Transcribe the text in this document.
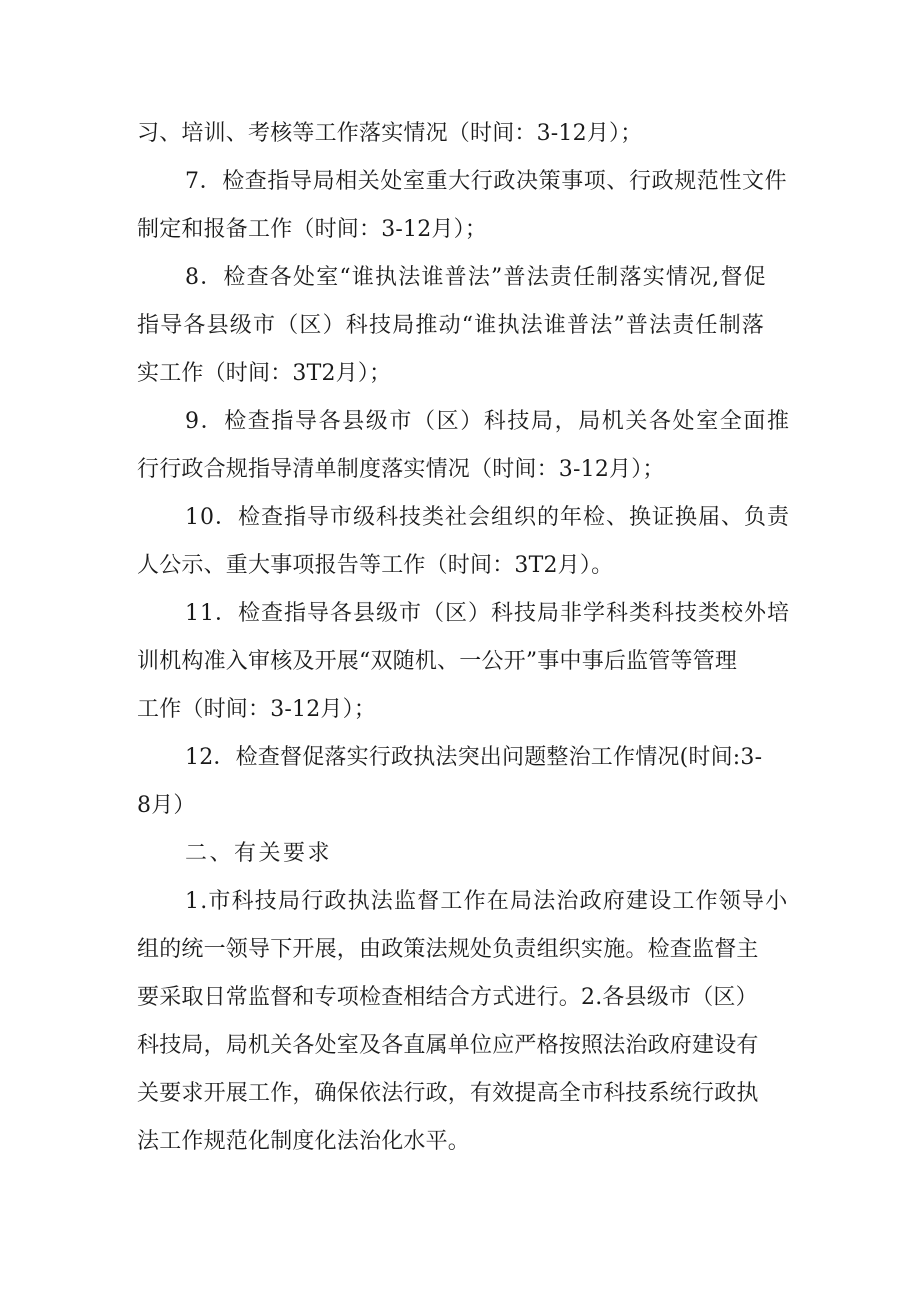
习、培训、考核等工作落实情况（时间：3-12月）；
7．检查指导局相关处室重大行政决策事项、行政规范性文件
制定和报备工作（时间：3-12月）；
8．检查各处室“谁执法谁普法”普法责任制落实情况,督促
指导各县级市（区）科技局推动“谁执法谁普法”普法责任制落
实工作（时间：3T2月）；
9．检查指导各县级市（区）科技局，局机关各处室全面推
行行政合规指导清单制度落实情况（时间：3-12月）；
10．检查指导市级科技类社会组织的年检、换证换届、负责
人公示、重大事项报告等工作（时间：3T2月）。
11．检查指导各县级市（区）科技局非学科类科技类校外培
训机构准入审核及开展“双随机、一公开”事中事后监管等管理
工作（时间：3-12月）；
12．检查督促落实行政执法突出问题整治工作情况(时间:3-
8月）
二、有关要求
1.市科技局行政执法监督工作在局法治政府建设工作领导小
组的统一领导下开展，由政策法规处负责组织实施。检查监督主
要采取日常监督和专项检查相结合方式进行。2.各县级市（区）
科技局，局机关各处室及各直属单位应严格按照法治政府建设有
关要求开展工作，确保依法行政，有效提高全市科技系统行政执
法工作规范化制度化法治化水平。
